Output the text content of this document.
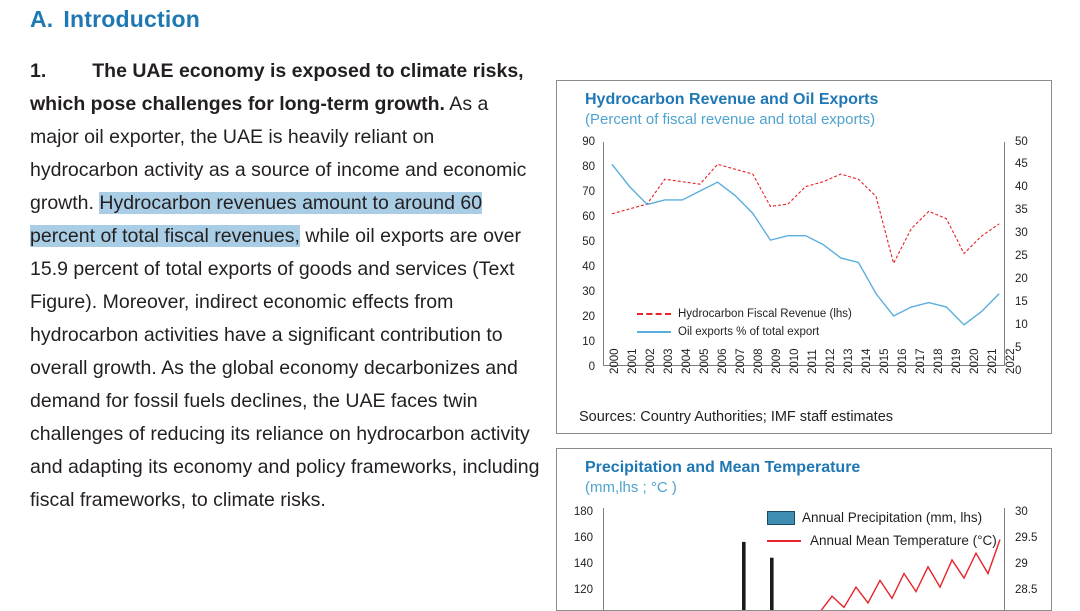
A. Introduction

1. The UAE economy is exposed to climate risks, which pose challenges for long-term growth. As a major oil exporter, the UAE is heavily reliant on hydrocarbon activity as a source of income and economic growth. Hydrocarbon revenues amount to around 60 percent of total fiscal revenues, while oil exports are over 15.9 percent of total exports of goods and services (Text Figure). Moreover, indirect economic effects from hydrocarbon activities have a significant contribution to overall growth. As the global economy decarbonizes and demand for fossil fuels declines, the UAE faces twin challenges of reducing its reliance on hydrocarbon activity and adapting its economy and policy frameworks, including fiscal frameworks, to climate risks.

Hydrocarbon Revenue and Oil Exports
(Percent of fiscal revenue and total exports)
90
80
70
60
50
40
30
20
10
0
50
45
40
35
30
25
20
15
10
5
0
Hydrocarbon Fiscal Revenue (lhs)
Oil exports % of total export
2000 2001 2002 2003 2004 2005 2006 2007 2008 2009 2010 2011 2012 2013 2014 2015 2016 2017 2018 2019 2020 2021 2022
Sources: Country Authorities; IMF staff estimates
Precipitation and Mean Temperature
(mm,lhs ; °C )
180
160
140
120
30
29.5
29
28.5
Annual Precipitation (mm, lhs)
Annual Mean Temperature (°C)
